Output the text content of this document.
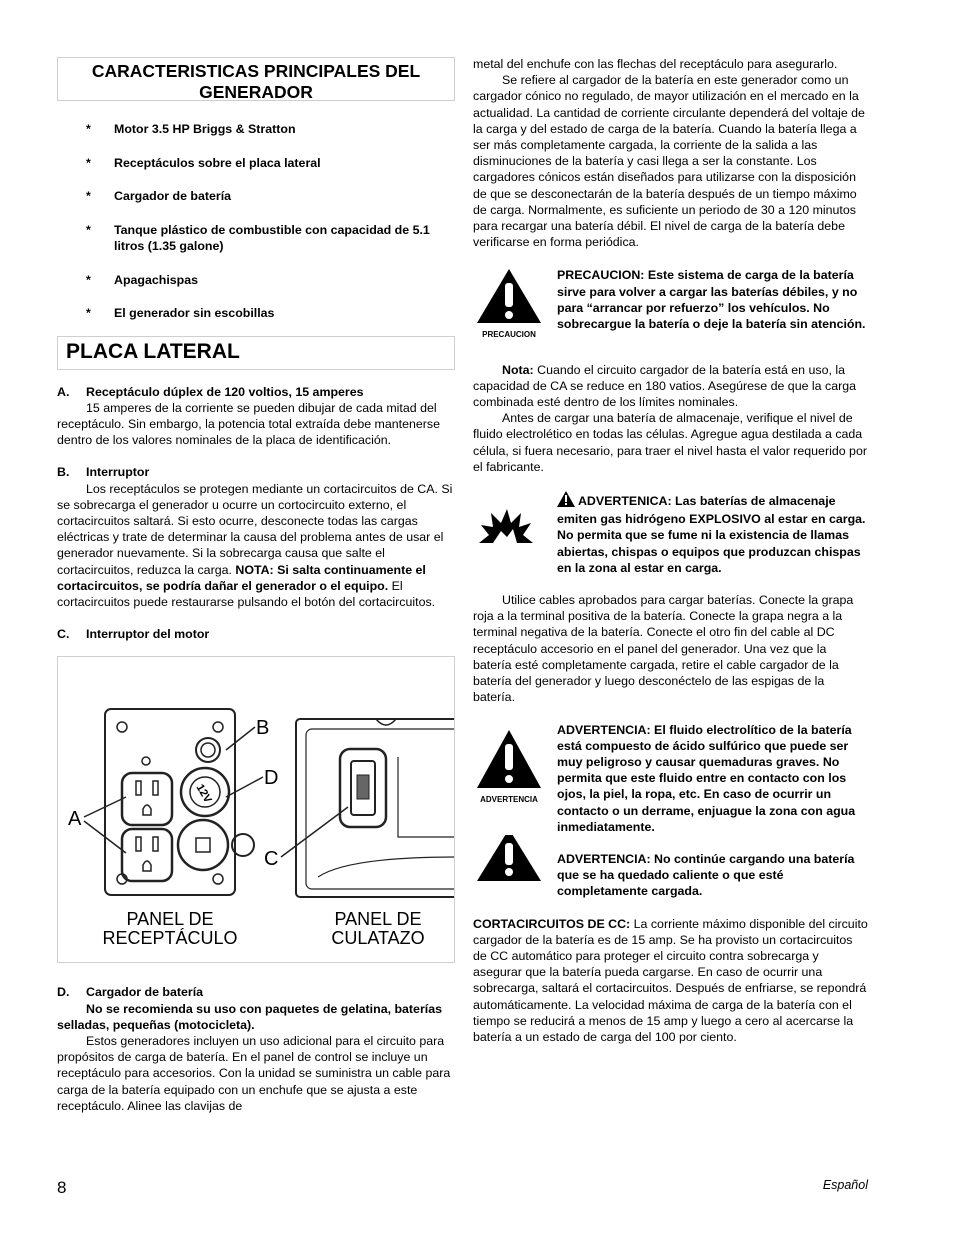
CARACTERISTICAS PRINCIPALES DEL GENERADOR
* Motor 3.5 HP Briggs & Stratton
* Receptáculos sobre el placa lateral
* Cargador de batería
* Tanque plástico de combustible con capacidad de 5.1 litros (1.35 galone)
* Apagachispas
* El generador sin escobillas
PLACA LATERAL
A.	Receptáculo dúplex de 120 voltios, 15 amperes

15 amperes de la corriente se pueden dibujar de cada mitad del receptáculo. Sin embargo, la potencia total extraída debe mantenerse dentro de los valores nominales de la placa de identificación.

B.	Interruptor

Los receptáculos se protegen mediante un cortacircuitos de CA. Si se sobrecarga el generador u ocurre un cortocircuito externo, el cortacircuitos saltará. Si esto ocurre, desconecte todas las cargas eléctricas y trate de determinar la causa del problema antes de usar el generador nuevamente. Si la sobrecarga causa que salte el cortacircuitos, reduzca la carga. NOTA: Si salta continuamente el cortacircuitos, se podría dañar el generador o el equipo. El cortacircuitos puede restaurarse pulsando el botón del cortacircuitos.

C.	Interruptor del motor
12V
A
B
D
C
PANEL DE
RECEPTÁCULO
PANEL DE
CULATAZO
D.	Cargador de batería

No se recomienda su uso con paquetes de gelatina, baterías selladas, pequeñas (motocicleta).

Estos generadores incluyen un uso adicional para el circuito para propósitos de carga de batería. En el panel de control se incluye un receptáculo para accesorios. Con la unidad se suministra un cable para carga de la batería equipado con un enchufe que se ajusta a este receptáculo. Alinee las clavijas de

metal del enchufe con las flechas del receptáculo para asegurarlo.

Se refiere al cargador de la batería en este generador como un cargador cónico no regulado, de mayor utilización en el mercado en la actualidad. La cantidad de corriente circulante dependerá del voltaje de la carga y del estado de carga de la batería. Cuando la batería llega a ser más completamente cargada, la corriente de la salida a las disminuciones de la batería y casi llega a ser la constante. Los cargadores cónicos están diseñados para utilizarse con la disposición de que se desconectarán de la batería después de un tiempo máximo de carga. Normalmente, es suficiente un periodo de 30 a 120 minutos para recargar una batería débil. El nivel de carga de la batería debe verificarse en forma periódica.

PRECAUCION
PRECAUCION: Este sistema de carga de la batería sirve para volver a cargar las baterías débiles, y no para “arrancar por refuerzo” los vehículos. No sobrecargue la batería o deje la batería sin atención.

Nota: Cuando el circuito cargador de la batería está en uso, la capacidad de CA se reduce en 180 vatios. Asegúrese de que la carga combinada esté dentro de los límites nominales.

Antes de cargar una batería de almacenaje, verifique el nivel de fluido electrolético en todas las células. Agregue agua destilada a cada célula, si fuera necesario, para traer el nivel hasta el valor requerido por el fabricante.

ADVERTENICA: Las baterías de almacenaje emiten gas hidrógeno EXPLOSIVO al estar en carga. No permita que se fume ni la existencia de llamas abiertas, chispas o equipos que produzcan chispas en la zona al estar en carga.

Utilice cables aprobados para cargar baterías. Conecte la grapa roja a la terminal positiva de la batería. Conecte la grapa negra a la terminal negativa de la batería. Conecte el otro fin del cable al DC receptáculo accesorio en el panel del generador. Una vez que la batería esté completamente cargada, retire el cable cargador de la batería del generador y luego desconéctelo de las espigas de la batería.

ADVERTENCIA
ADVERTENCIA: El fluido electrolítico de la batería está compuesto de ácido sulfúrico que puede ser muy peligroso y causar quemaduras graves. No permita que este fluido entre en contacto con los ojos, la piel, la ropa, etc. En caso de ocurrir un contacto o un derrame, enjuague la zona con agua inmediatamente.
ADVERTENCIA: No continúe cargando una batería que se ha quedado caliente o que esté completamente cargada.

CORTACIRCUITOS DE CC: La corriente máximo disponible del circuito cargador de la batería es de 15 amp. Se ha provisto un cortacircuitos de CC automático para proteger el circuito contra sobrecarga y asegurar que la batería pueda cargarse. En caso de ocurrir una sobrecarga, saltará el cortacircuitos. Después de enfriarse, se repondrá automáticamente. La velocidad máxima de carga de la batería con el tiempo se reducirá a menos de 15 amp y luego a cero al acercarse la batería a un estado de carga del 100 por ciento.

8	Español
